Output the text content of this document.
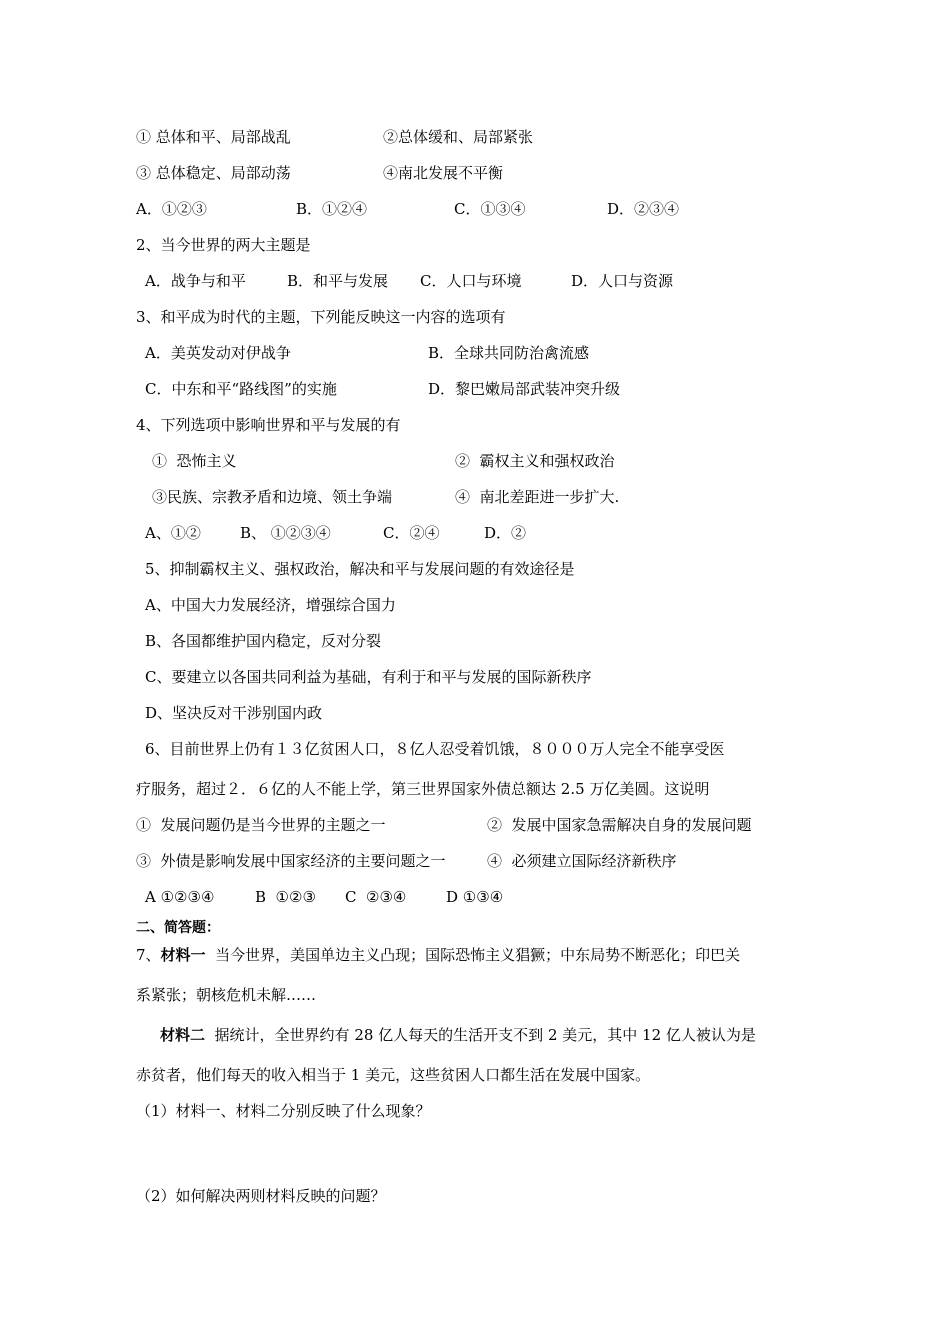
① 总体和平、局部战乱	②总体缓和、局部紧张
③ 总体稳定、局部动荡	④南北发展不平衡
A．①②③	B．①②④	C．①③④	D．②③④
2、当今世界的两大主题是
A．战争与和平	B．和平与发展 C．人口与环境	D．人口与资源
3、和平成为时代的主题，下列能反映这一内容的选项有
A．美英发动对伊战争	B．全球共同防治禽流感
C．中东和平“路线图”的实施	D．黎巴嫩局部武装冲突升级
4、下列选项中影响世界和平与发展的有
①  恐怖主义	②  霸权主义和强权政治
③民族、宗教矛盾和边境、领土争端	④  南北差距进一步扩大.
A、①②	B、 ①②③④	C．②④	D．②
5、抑制霸权主义、强权政治，解决和平与发展问题的有效途径是
A、中国大力发展经济，增强综合国力
B、各国都维护国内稳定，反对分裂
C、要建立以各国共同利益为基础，有利于和平与发展的国际新秩序
D、坚决反对干涉别国内政
6、目前世界上仍有１３亿贫困人口，８亿人忍受着饥饿，８０００万人完全不能享受医
疗服务，超过２．６亿的人不能上学，第三世界国家外债总额达 2.5 万亿美圆。这说明
①  发展问题仍是当今世界的主题之一	②  发展中国家急需解决自身的发展问题
③  外债是影响发展中国家经济的主要问题之一	④  必须建立国际经济新秩序
A ①②③④	B  ①②③ C  ②③④	D ①③④
二、简答题：
7、材料一  当今世界，美国单边主义凸现；国际恐怖主义猖獗；中东局势不断恶化；印巴关
系紧张；朝核危机未解……
材料二  据统计，全世界约有 28 亿人每天的生活开支不到 2 美元，其中 12 亿人被认为是
赤贫者，他们每天的收入相当于 1 美元，这些贫困人口都生活在发展中国家。
（1）材料一、材料二分别反映了什么现象？
（2）如何解决两则材料反映的问题？
